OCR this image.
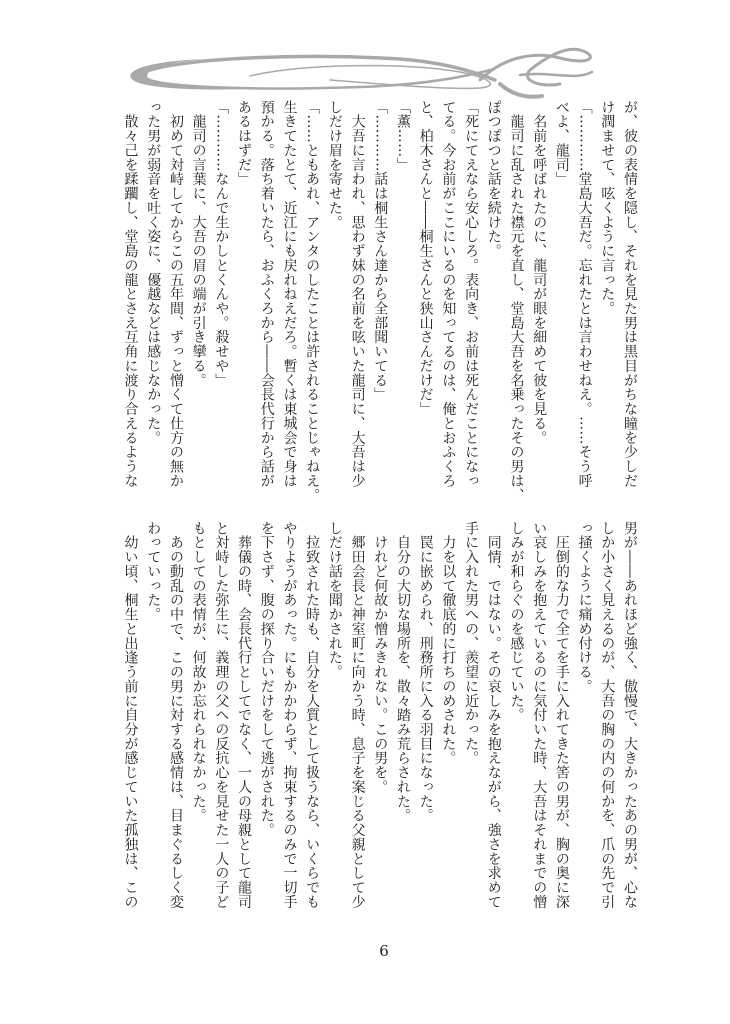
が、彼の表情を隠し、それを見た男は黒目がちな瞳を少しだ

け潤ませて、呟くように言った。

「…………堂島大吾だ。忘れたとは言わせねえ。……そう呼

べよ、龍司」

　名前を呼ばれたのに、龍司が眼を細めて彼を見る。

　龍司に乱された襟元を直し、堂島大吾を名乗ったその男は、

ぽつぽつと話を続けた。

「死にてえなら安心しろ。表向き、お前は死んだことになっ

てる。今お前がここにいるのを知ってるのは、俺とおふくろ

と、柏木さんと――桐生さんと狭山さんだけだ」

「薫……」

「…………話は桐生さん達から全部聞いてる」

　大吾に言われ、思わず妹の名前を呟いた龍司に、大吾は少

しだけ眉を寄せた。

「……ともあれ、アンタのしたことは許されることじゃねえ。

生きてたとて、近江にも戻れねえだろ。暫くは東城会で身は

預かる。落ち着いたら、おふくろから――会長代行から話が

あるはずだ」

「…………なんで生かしとくんや。殺せや」

　龍司の言葉に、大吾の眉の端が引き攣る。

　初めて対峙してからこの五年間、ずっと憎くて仕方の無か

った男が弱音を吐く姿に、優越などは感じなかった。

　散々己を蹂躙し、堂島の龍とさえ互角に渡り合えるような

男が――あれほど強く、傲慢で、大きかったあの男が、心な

しか小さく見えるのが、大吾の胸の内の何かを、爪の先で引

っ掻くように痛め付ける。

　圧倒的な力で全てを手に入れてきた筈の男が、胸の奥に深

い哀しみを抱えているのに気付いた時、大吾はそれまでの憎

しみが和らぐのを感じていた。

　同情、ではない。その哀しみを抱えながら、強さを求めて

手に入れた男への、羨望に近かった。

　力を以て徹底的に打ちのめされた。

　罠に嵌められ、刑務所に入る羽目になった。

　自分の大切な場所を、散々踏み荒らされた。

　けれど何故か憎みきれない。この男を。

　郷田会長と神室町に向かう時、息子を案じる父親として少

しだけ話を聞かされた。

　拉致された時も、自分を人質として扱うなら、いくらでも

やりようがあった。にもかかわらず、拘束するのみで一切手

を下さず、腹の探り合いだけをして逃がされた。

　葬儀の時、会長代行としてでなく、一人の母親として龍司

と対峙した弥生に、義理の父への反抗心を見せた一人の子ど

もとしての表情が、何故か忘れられなかった。

　あの動乱の中で、この男に対する感情は、目まぐるしく変

わっていった。

　幼い頃、桐生と出逢う前に自分が感じていた孤独は、この

6
